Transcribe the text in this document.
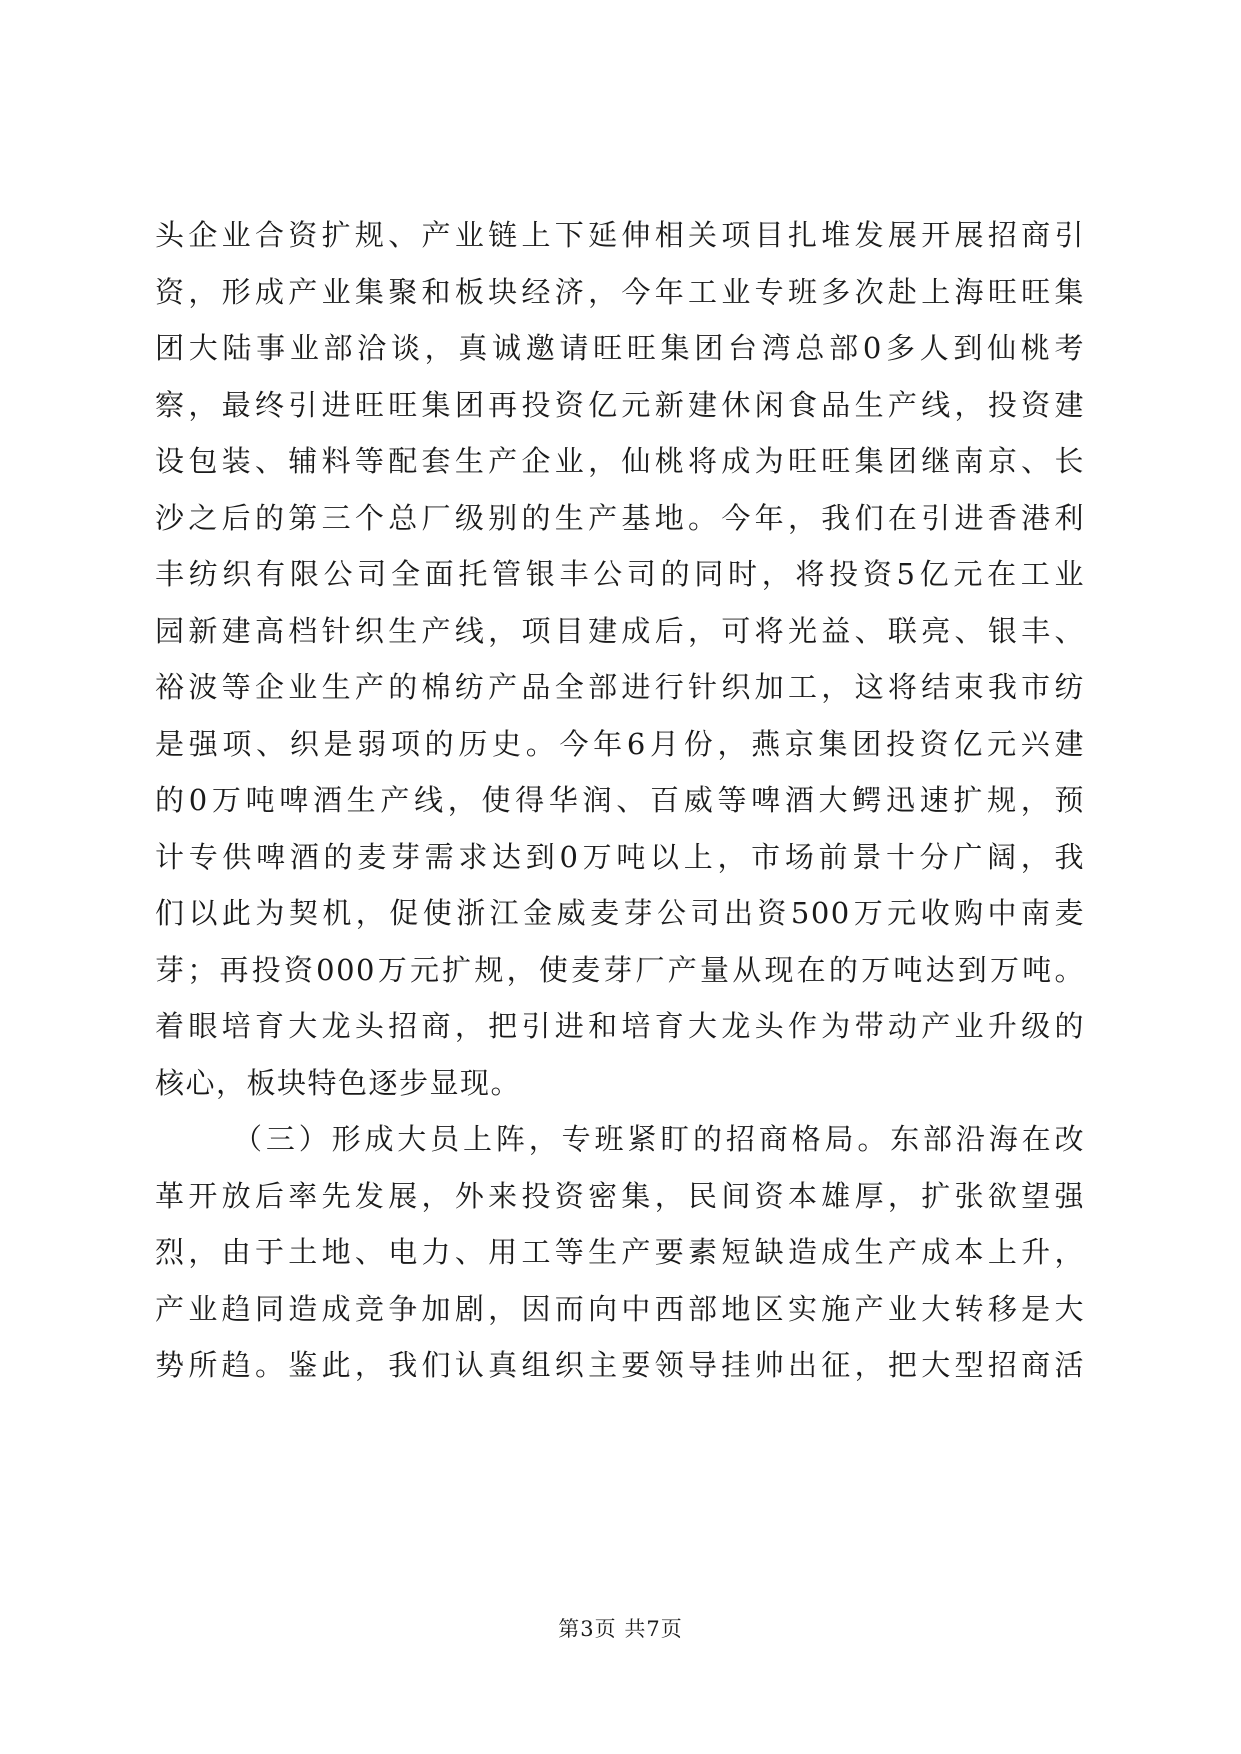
头企业合资扩规、产业链上下延伸相关项目扎堆发展开展招商引
资，形成产业集聚和板块经济，今年工业专班多次赴上海旺旺集
团大陆事业部洽谈，真诚邀请旺旺集团台湾总部0多人到仙桃考
察，最终引进旺旺集团再投资亿元新建休闲食品生产线，投资建
设包装、辅料等配套生产企业，仙桃将成为旺旺集团继南京、长
沙之后的第三个总厂级别的生产基地。今年，我们在引进香港利
丰纺织有限公司全面托管银丰公司的同时，将投资5亿元在工业
园新建高档针织生产线，项目建成后，可将光益、联亮、银丰、
裕波等企业生产的棉纺产品全部进行针织加工，这将结束我市纺
是强项、织是弱项的历史。今年6月份，燕京集团投资亿元兴建
的0万吨啤酒生产线，使得华润、百威等啤酒大鳄迅速扩规，预
计专供啤酒的麦芽需求达到0万吨以上，市场前景十分广阔，我
们以此为契机，促使浙江金威麦芽公司出资500万元收购中南麦
芽；再投资000万元扩规，使麦芽厂产量从现在的万吨达到万吨。
着眼培育大龙头招商，把引进和培育大龙头作为带动产业升级的
核心，板块特色逐步显现。
（三）形成大员上阵，专班紧盯的招商格局。东部沿海在改
革开放后率先发展，外来投资密集，民间资本雄厚，扩张欲望强
烈，由于土地、电力、用工等生产要素短缺造成生产成本上升，
产业趋同造成竞争加剧，因而向中西部地区实施产业大转移是大
势所趋。鉴此，我们认真组织主要领导挂帅出征，把大型招商活
第3页 共7页
